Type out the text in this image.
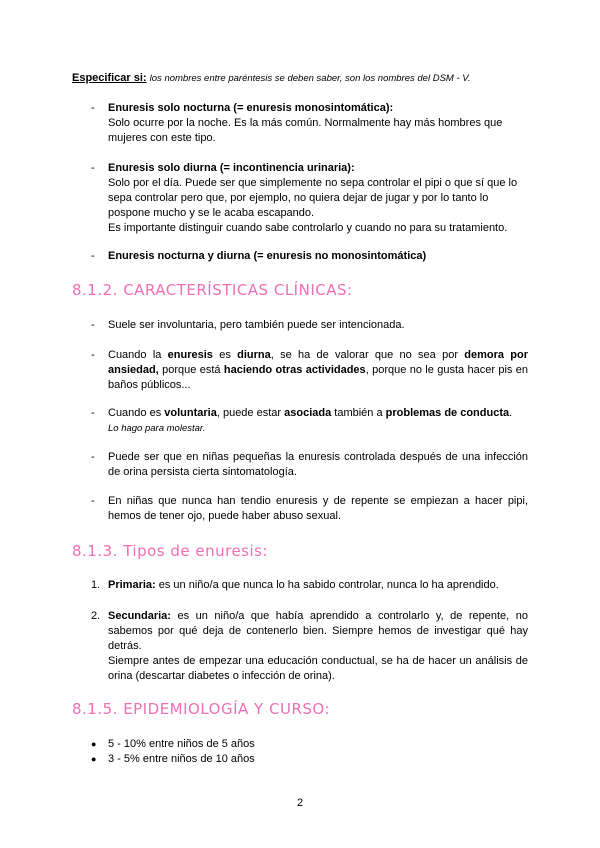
Especificar si: los nombres entre paréntesis se deben saber, son los nombres del DSM - V.
- Enuresis solo nocturna (= enuresis monosintomática):
Solo ocurre por la noche. Es la más común. Normalmente hay más hombres que
mujeres con este tipo.
- Enuresis solo diurna (= incontinencia urinaria):
Solo por el día. Puede ser que simplemente no sepa controlar el pipi o que sí que lo
sepa controlar pero que, por ejemplo, no quiera dejar de jugar y por lo tanto lo
pospone mucho y se le acaba escapando.
Es importante distinguir cuando sabe controlarlo y cuando no para su tratamiento.
- Enuresis nocturna y diurna (= enuresis no monosintomática)
8.1.2. CARACTERÍSTICAS CLÍNICAS:
- Suele ser involuntaria, pero también puede ser intencionada.
- Cuando la enuresis es diurna, se ha de valorar que no sea por demora por ansiedad, porque está haciendo otras actividades, porque no le gusta hacer pis en baños públicos...
- Cuando es voluntaria, puede estar asociada también a problemas de conducta.
Lo hago para molestar.
- Puede ser que en niñas pequeñas la enuresis controlada después de una infección de orina persista cierta sintomatología.
- En niñas que nunca han tendio enuresis y de repente se empiezan a hacer pipi, hemos de tener ojo, puede haber abuso sexual.
8.1.3. Tipos de enuresis:
1. Primaria: es un niño/a que nunca lo ha sabido controlar, nunca lo ha aprendido.
2. Secundaria: es un niño/a que había aprendido a controlarlo y, de repente, no sabemos por qué deja de contenerlo bien. Siempre hemos de investigar qué hay detrás.
Siempre antes de empezar una educación conductual, se ha de hacer un análisis de orina (descartar diabetes o infección de orina).
8.1.5. EPIDEMIOLOGÍA Y CURSO:
● 5 - 10% entre niños de 5 años
● 3 - 5% entre niños de 10 años
2
